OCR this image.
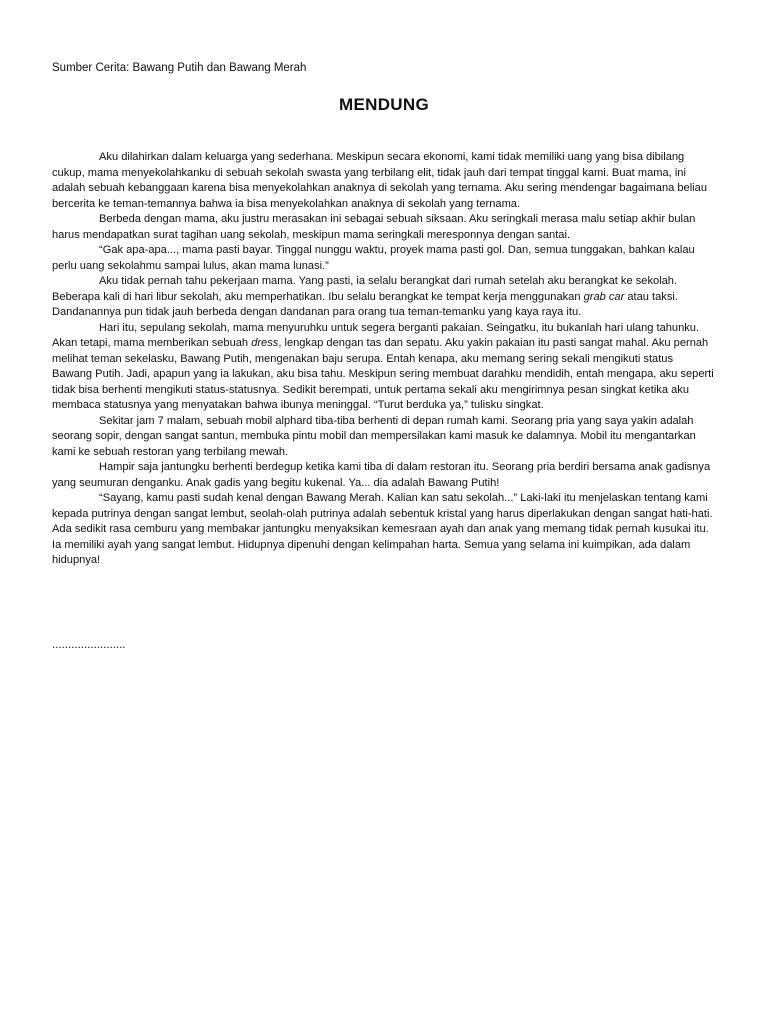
Sumber Cerita: Bawang Putih dan Bawang Merah
MENDUNG

Aku dilahirkan dalam keluarga yang sederhana. Meskipun secara ekonomi, kami tidak memiliki uang yang bisa dibilang cukup, mama menyekolahkanku di sebuah sekolah swasta yang terbilang elit, tidak jauh dari tempat tinggal kami. Buat mama, ini adalah sebuah kebanggaan karena bisa menyekolahkan anaknya di sekolah yang ternama. Aku sering mendengar bagaimana beliau bercerita ke teman-temannya bahwa ia bisa menyekolahkan anaknya di sekolah yang ternama.

Berbeda dengan mama, aku justru merasakan ini sebagai sebuah siksaan. Aku seringkali merasa malu setiap akhir bulan harus mendapatkan surat tagihan uang sekolah, meskipun mama seringkali meresponnya dengan santai.

“Gak apa-apa..., mama pasti bayar. Tinggal nunggu waktu, proyek mama pasti gol. Dan, semua tunggakan, bahkan kalau perlu uang sekolahmu sampai lulus, akan mama lunasi.”

Aku tidak pernah tahu pekerjaan mama. Yang pasti, ia selalu berangkat dari rumah setelah aku berangkat ke sekolah. Beberapa kali di hari libur sekolah, aku memperhatikan. Ibu selalu berangkat ke tempat kerja menggunakan grab car atau taksi. Dandanannya pun tidak jauh berbeda dengan dandanan para orang tua teman-temanku yang kaya raya itu.

Hari itu, sepulang sekolah, mama menyuruhku untuk segera berganti pakaian. Seingatku, itu bukanlah hari ulang tahunku. Akan tetapi, mama memberikan sebuah dress, lengkap dengan tas dan sepatu. Aku yakin pakaian itu pasti sangat mahal. Aku pernah melihat teman sekelasku, Bawang Putih, mengenakan baju serupa. Entah kenapa, aku memang sering sekali mengikuti status Bawang Putih. Jadi, apapun yang ia lakukan, aku bisa tahu. Meskipun sering membuat darahku mendidih, entah mengapa, aku seperti tidak bisa berhenti mengikuti status-statusnya. Sedikit berempati, untuk pertama sekali aku mengirimnya pesan singkat ketika aku membaca statusnya yang menyatakan bahwa ibunya meninggal. “Turut berduka ya,” tulisku singkat.

Sekitar jam 7 malam, sebuah mobil alphard tiba-tiba berhenti di depan rumah kami. Seorang pria yang saya yakin adalah seorang sopir, dengan sangat santun, membuka pintu mobil dan mempersilakan kami masuk ke dalamnya. Mobil itu mengantarkan kami ke sebuah restoran yang terbilang mewah.

Hampir saja jantungku berhenti berdegup ketika kami tiba di dalam restoran itu. Seorang pria berdiri bersama anak gadisnya yang seumuran denganku. Anak gadis yang begitu kukenal. Ya... dia adalah Bawang Putih!

“Sayang, kamu pasti sudah kenal dengan Bawang Merah. Kalian kan satu sekolah...” Laki-laki itu menjelaskan tentang kami kepada putrinya dengan sangat lembut, seolah-olah putrinya adalah sebentuk kristal yang harus diperlakukan dengan sangat hati-hati. Ada sedikit rasa cemburu yang membakar jantungku menyaksikan kemesraan ayah dan anak yang memang tidak pernah kusukai itu. Ia memiliki ayah yang sangat lembut. Hidupnya dipenuhi dengan kelimpahan harta. Semua yang selama ini kuimpikan, ada dalam hidupnya!

.......................
